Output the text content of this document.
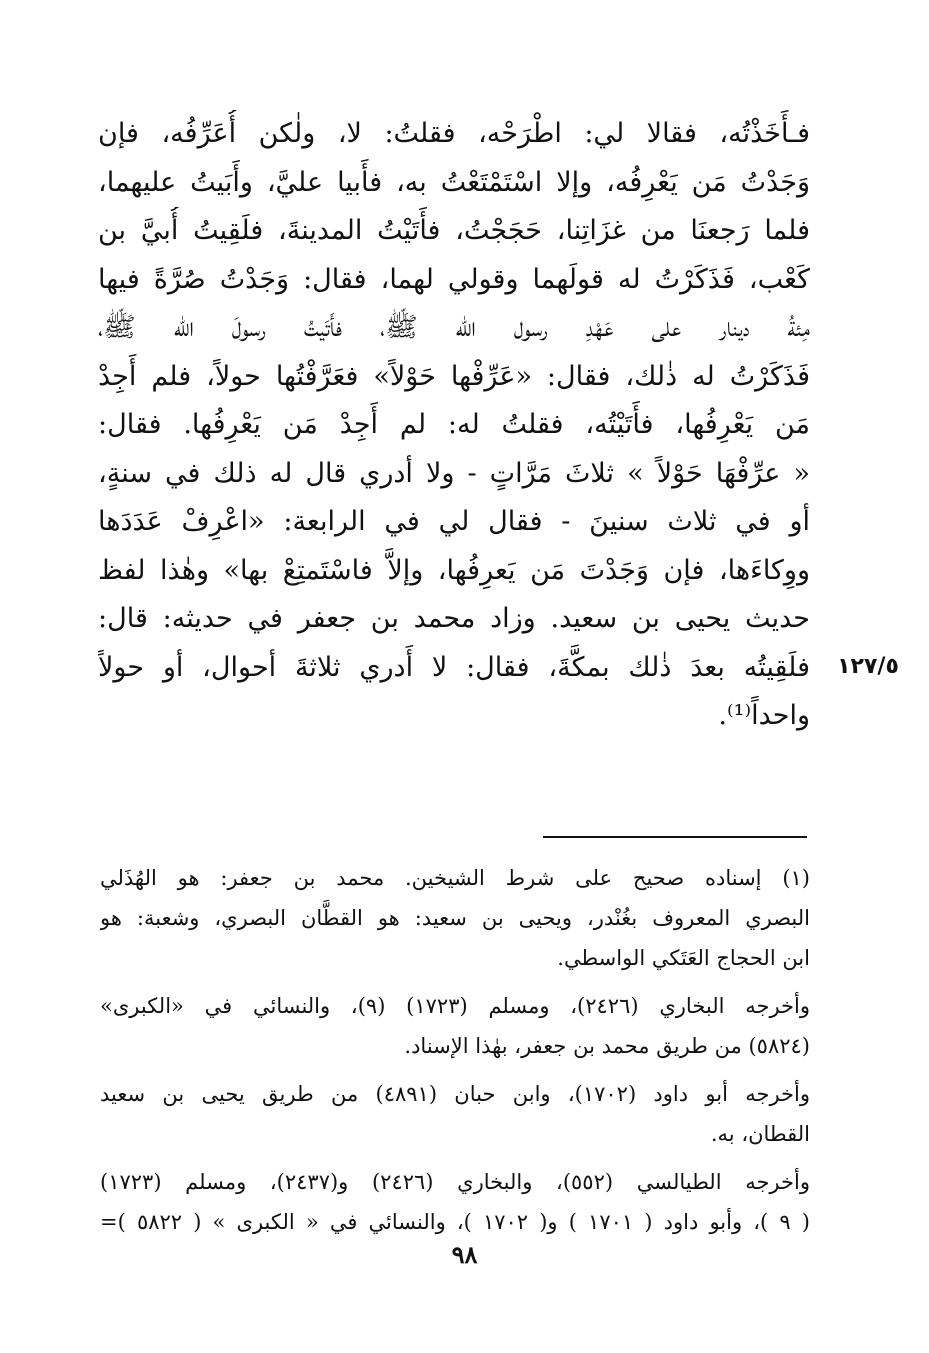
فـأَخَذْتُه، فقالا لي: اطْرَحْه، فقلتُ: لا، ولٰكن أُعَرِّفُه، فإن
وَجَدْتُ مَن يَعْرِفُه، وإلا اسْتَمْتَعْتُ به، فأَبيا عليَّ، وأَبَيتُ عليهما،
فلما رَجعنَا من غزَاتِنا، حَجَجْتُ، فأَتَيْتُ المدينةَ، فلَقِيتُ أُبيَّ بن
كَعْب، فَذَكَرْتُ له قولَهما وقولي لهما، فقال: وَجَدْتُ صُرَّةً فيها
مِئةُ دينار على عَهْدِ رسول الله ﷺ، فأَتَيتُ رسولَ الله ﷺ،
فَذَكَرْتُ له ذٰلك، فقال: «عَرِّفْها حَوْلاً» فعَرَّفْتُها حولاً، فلم أَجِدْ
مَن يَعْرِفُها، فأَتَيْتُه، فقلتُ له: لم أَجِدْ مَن يَعْرِفُها. فقال:
« عرِّفْهَا حَوْلاً » ثلاثَ مَرَّاتٍ - ولا أدري قال له ذلك في سنةٍ،
أو في ثلاث سنينَ - فقال لي في الرابعة: «اعْرِفْ عَدَدَها
ووِكاءَها، فإن وَجَدْتَ مَن يَعرِفُها، وإلاَّ فاسْتَمتِعْ بها» وهٰذا لفظ
حديث يحيى بن سعيد. وزاد محمد بن جعفر في حديثه: قال:
فلَقِيتُه بعدَ ذٰلك بمكَّةَ، فقال: لا أَدري ثلاثةَ أحوال، أو حولاً
واحداً⁽¹⁾.
١٢٧/٥
(١) إسناده صحيح على شرط الشيخين. محمد بن جعفر: هو الهُذَلي
البصري المعروف بغُنْدر، ويحيى بن سعيد: هو القطَّان البصري، وشعبة: هو
ابن الحجاج العَتَكي الواسطي.
وأخرجه البخاري (٢٤٢٦)، ومسلم (١٧٢٣) (٩)، والنسائي في «الكبرى»
(٥٨٢٤) من طريق محمد بن جعفر، بهٰذا الإسناد.
وأخرجه أبو داود (١٧٠٢)، وابن حبان (٤٨٩١) من طريق يحيى بن سعيد
القطان، به.
وأخرجه الطيالسي (٥٥٢)، والبخاري (٢٤٢٦) و(٢٤٣٧)، ومسلم (١٧٢٣)
( ٩ )، وأبو داود ( ١٧٠١ ) و( ١٧٠٢ )، والنسائي في « الكبرى » ( ٥٨٢٢ )=
٩٨
